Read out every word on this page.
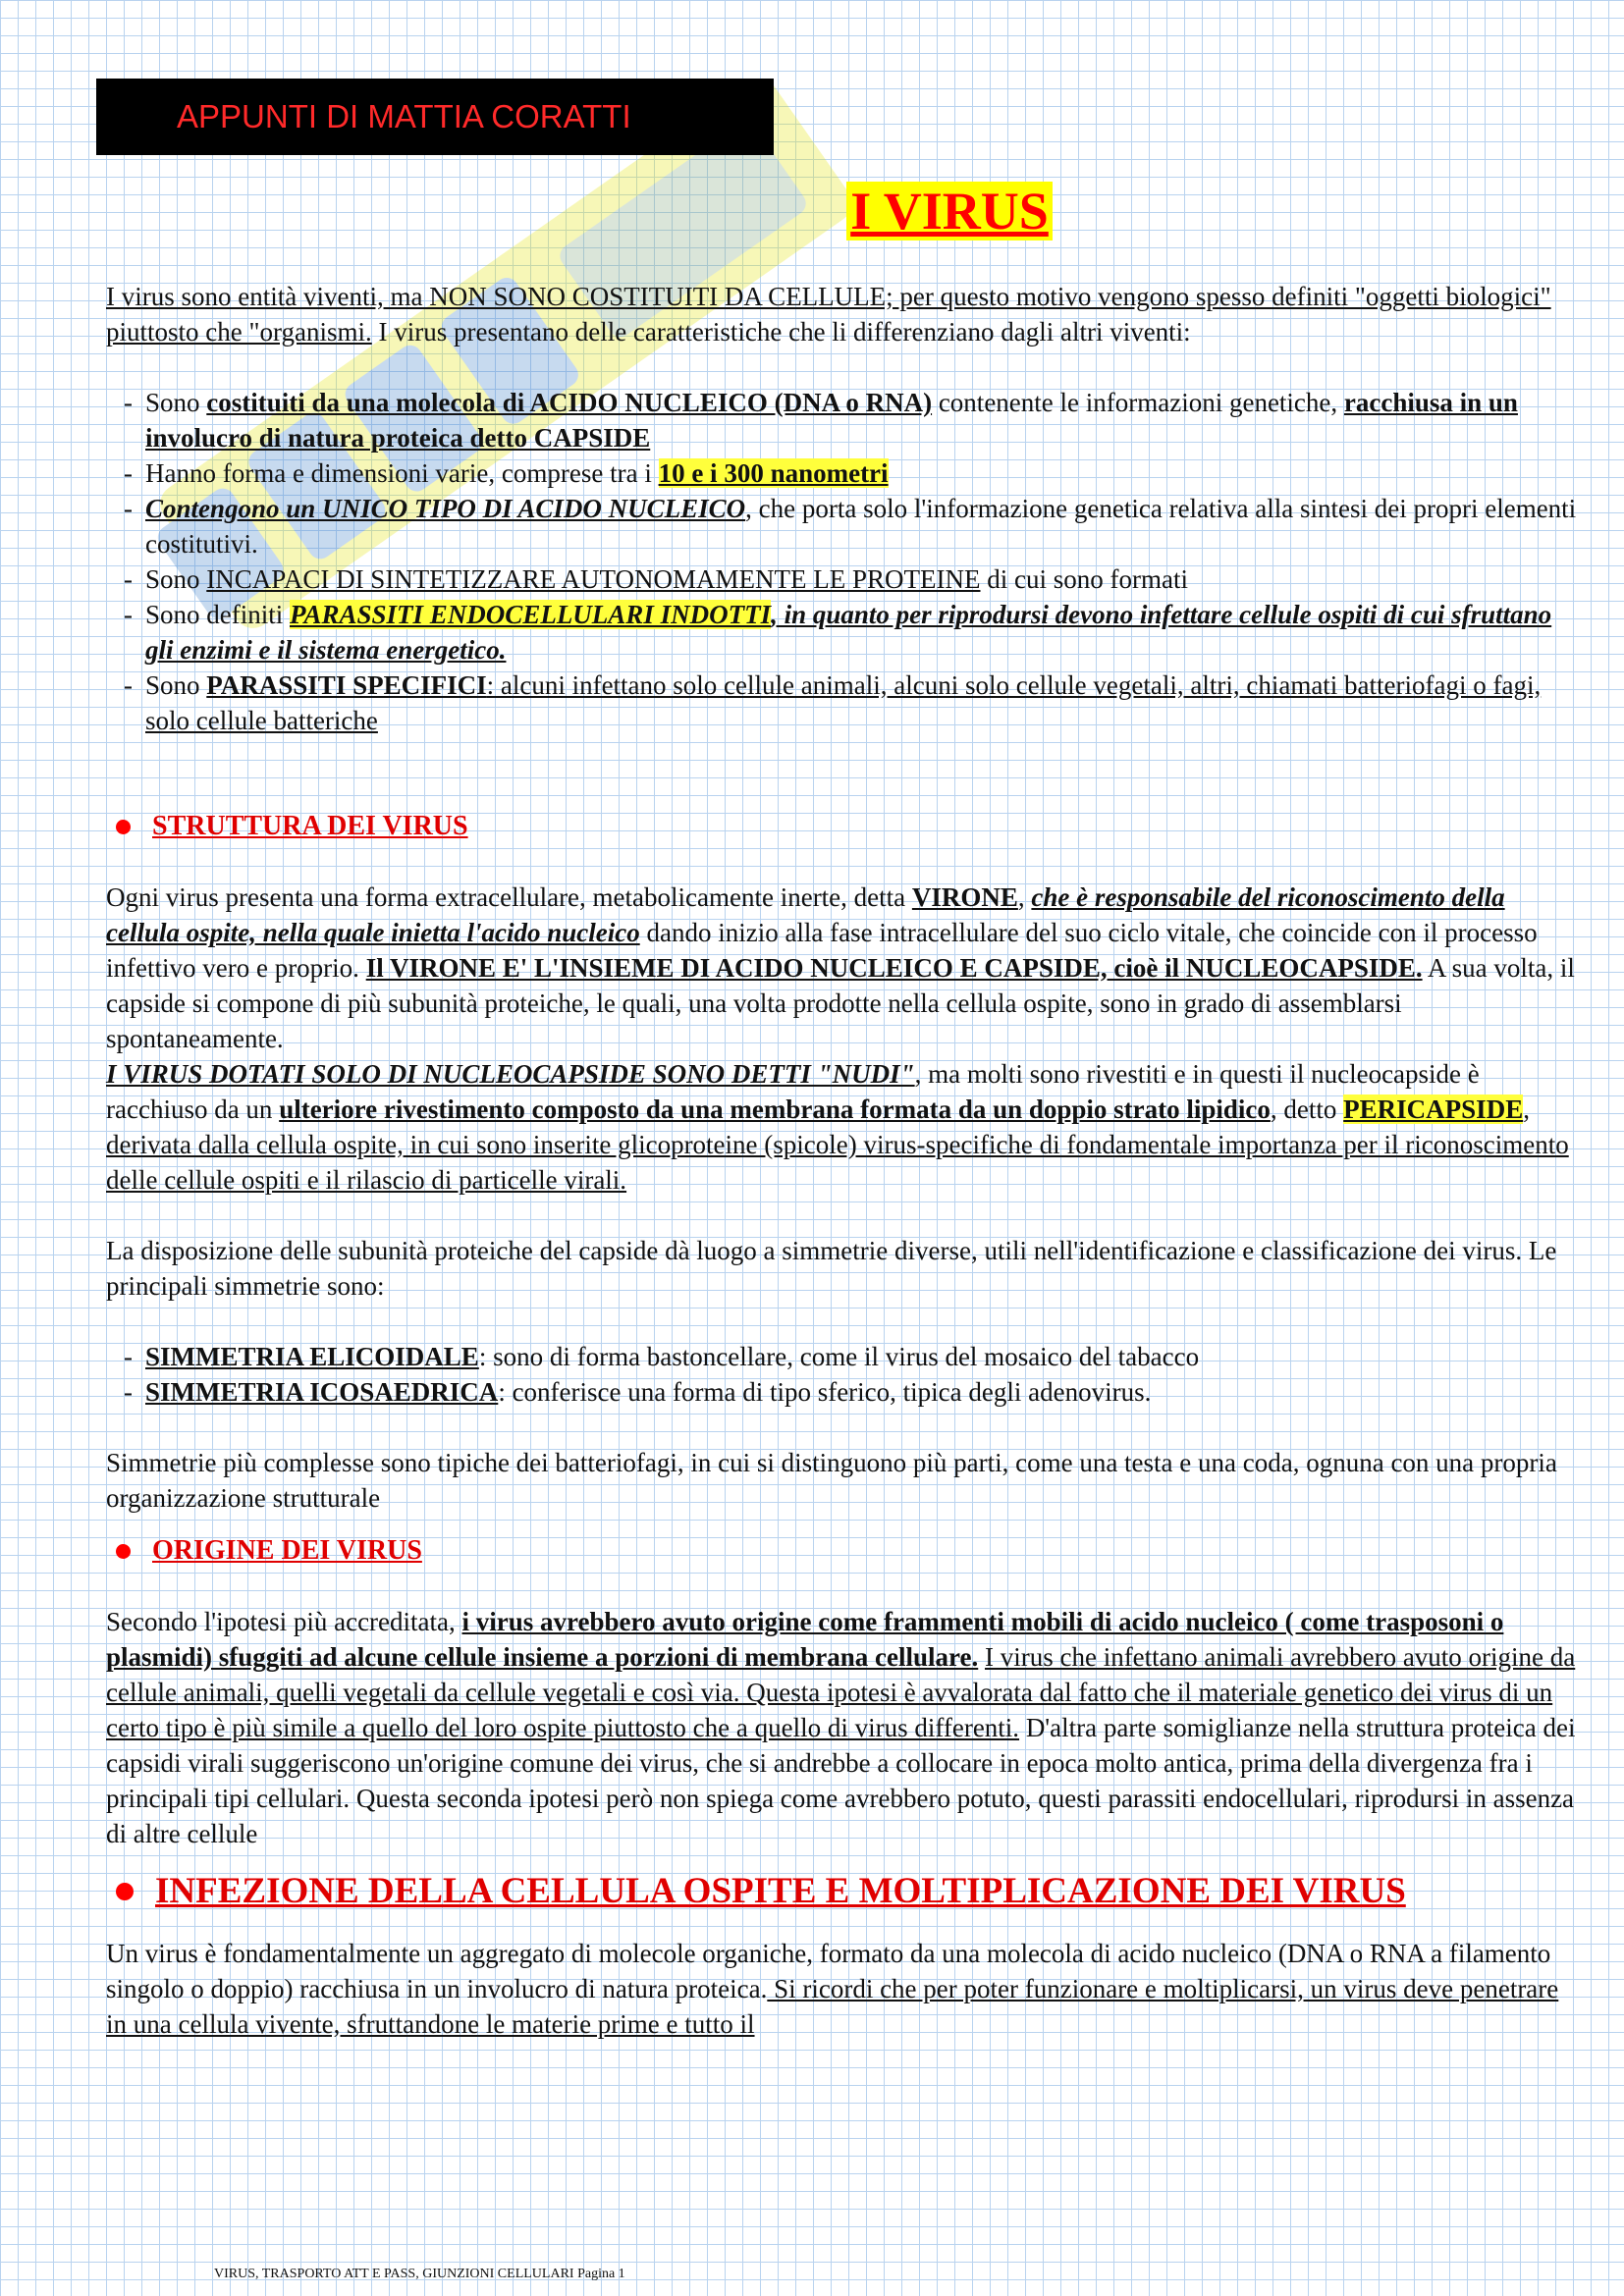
APPUNTI DI MATTIA CORATTI
I VIRUS

I virus sono entità viventi, ma NON SONO COSTITUITI DA CELLULE; per questo motivo vengono spesso definiti "oggetti biologici" piuttosto che "organismi. I virus presentano delle caratteristiche che li differenziano dagli altri viventi:

- Sono costituiti da una molecola di ACIDO NUCLEICO (DNA o RNA) contenente le informazioni genetiche, racchiusa in un involucro di natura proteica detto CAPSIDE
- Hanno forma e dimensioni varie, comprese tra i 10 e i 300 nanometri
- Contengono un UNICO TIPO DI ACIDO NUCLEICO, che porta solo l'informazione genetica relativa alla sintesi dei propri elementi costitutivi.
- Sono INCAPACI DI SINTETIZZARE AUTONOMAMENTE LE PROTEINE di cui sono formati
- Sono definiti PARASSITI ENDOCELLULARI INDOTTI, in quanto per riprodursi devono infettare cellule ospiti di cui sfruttano gli enzimi e il sistema energetico.
- Sono PARASSITI SPECIFICI: alcuni infettano solo cellule animali, alcuni solo cellule vegetali, altri, chiamati batteriofagi o fagi, solo cellule batteriche
STRUTTURA DEI VIRUS

Ogni virus presenta una forma extracellulare, metabolicamente inerte, detta VIRONE, che è responsabile del riconoscimento della cellula ospite, nella quale inietta l'acido nucleico dando inizio alla fase intracellulare del suo ciclo vitale, che coincide con il processo infettivo vero e proprio. Il VIRONE E' L'INSIEME DI ACIDO NUCLEICO E CAPSIDE, cioè il NUCLEOCAPSIDE. A sua volta, il capside si compone di più subunità proteiche, le quali, una volta prodotte nella cellula ospite, sono in grado di assemblarsi spontaneamente.

I VIRUS DOTATI SOLO DI NUCLEOCAPSIDE SONO DETTI "NUDI", ma molti sono rivestiti e in questi il nucleocapside è racchiuso da un ulteriore rivestimento composto da una membrana formata da un doppio strato lipidico, detto PERICAPSIDE, derivata dalla cellula ospite, in cui sono inserite glicoproteine (spicole) virus-specifiche di fondamentale importanza per il riconoscimento delle cellule ospiti e il rilascio di particelle virali.

La disposizione delle subunità proteiche del capside dà luogo a simmetrie diverse, utili nell'identificazione e classificazione dei virus. Le principali simmetrie sono:

- SIMMETRIA ELICOIDALE: sono di forma bastoncellare, come il virus del mosaico del tabacco
- SIMMETRIA ICOSAEDRICA: conferisce una forma di tipo sferico, tipica degli adenovirus.

Simmetrie più complesse sono tipiche dei batteriofagi, in cui si distinguono più parti, come una testa e una coda, ognuna con una propria organizzazione strutturale

ORIGINE DEI VIRUS

Secondo l'ipotesi più accreditata, i virus avrebbero avuto origine come frammenti mobili di acido nucleico ( come trasposoni o plasmidi) sfuggiti ad alcune cellule insieme a porzioni di membrana cellulare. I virus che infettano animali avrebbero avuto origine da cellule animali, quelli vegetali da cellule vegetali e così via. Questa ipotesi è avvalorata dal fatto che il materiale genetico dei virus di un certo tipo è più simile a quello del loro ospite piuttosto che a quello di virus differenti. D'altra parte somiglianze nella struttura proteica dei capsidi virali suggeriscono un'origine comune dei virus, che si andrebbe a collocare in epoca molto antica, prima della divergenza fra i principali tipi cellulari. Questa seconda ipotesi però non spiega come avrebbero potuto, questi parassiti endocellulari, riprodursi in assenza di altre cellule

INFEZIONE DELLA CELLULA OSPITE E MOLTIPLICAZIONE DEI VIRUS

Un virus è fondamentalmente un aggregato di molecole organiche, formato da una molecola di acido nucleico (DNA o RNA a filamento singolo o doppio) racchiusa in un involucro di natura proteica. Si ricordi che per poter funzionare e moltiplicarsi, un virus deve penetrare in una cellula vivente, sfruttandone le materie prime e tutto il

VIRUS, TRASPORTO ATT E PASS, GIUNZIONI CELLULARI Pagina 1
